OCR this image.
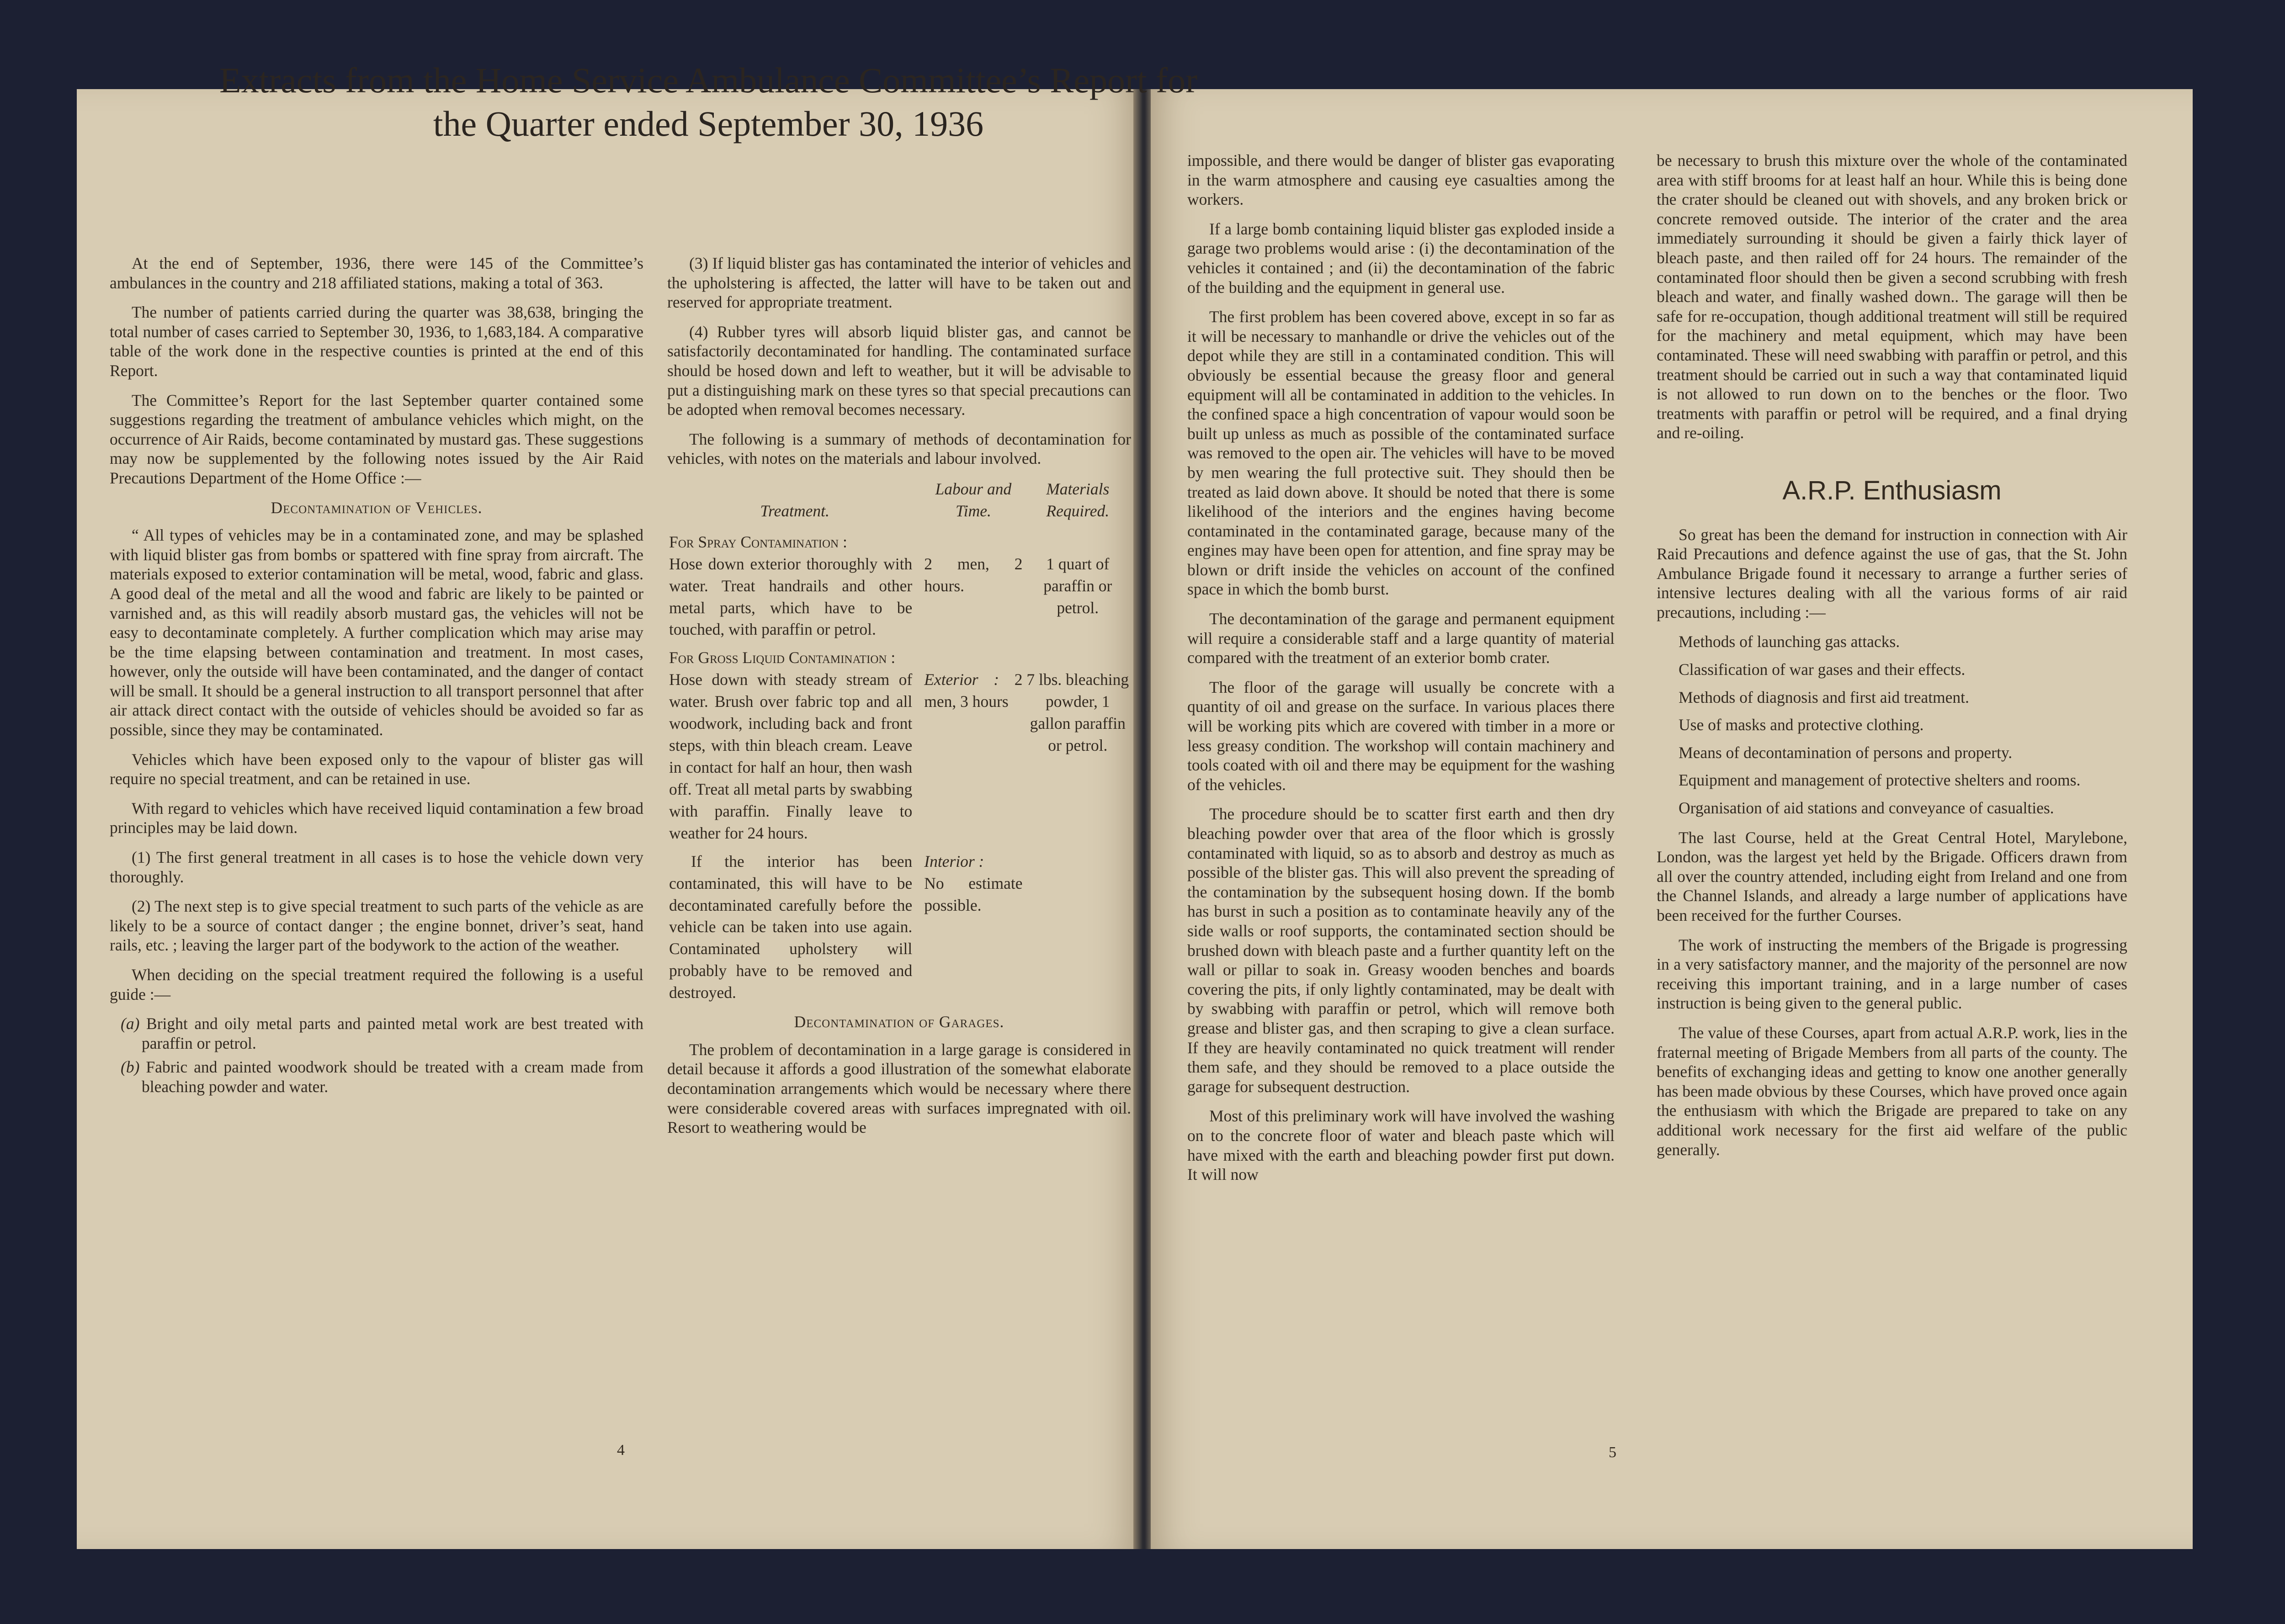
Extracts from the Home Service Ambulance Committee’s Report for
the Quarter ended September 30, 1936

At the end of September, 1936, there were 145 of the Committee’s ambulances in the country and 218 affiliated stations, making a total of 363.

The number of patients carried during the quarter was 38,638, bringing the total number of cases carried to September 30, 1936, to 1,683,184. A comparative table of the work done in the respective counties is printed at the end of this Report.

The Committee’s Report for the last September quarter contained some suggestions regarding the treatment of ambulance vehicles which might, on the occurrence of Air Raids, become contaminated by mustard gas. These suggestions may now be supplemented by the following notes issued by the Air Raid Precautions Department of the Home Office :—

Decontamination of Vehicles.

“ All types of vehicles may be in a contaminated zone, and may be splashed with liquid blister gas from bombs or spattered with fine spray from aircraft. The materials exposed to exterior contamination will be metal, wood, fabric and glass. A good deal of the metal and all the wood and fabric are likely to be painted or varnished and, as this will readily absorb mustard gas, the vehicles will not be easy to decontaminate completely. A further complication which may arise may be the time elapsing between contamination and treatment. In most cases, however, only the outside will have been contaminated, and the danger of contact will be small. It should be a general instruction to all transport personnel that after air attack direct contact with the outside of vehicles should be avoided so far as possible, since they may be contaminated.

Vehicles which have been exposed only to the vapour of blister gas will require no special treatment, and can be retained in use.

With regard to vehicles which have received liquid contamination a few broad principles may be laid down.

(1) The first general treatment in all cases is to hose the vehicle down very thoroughly.

(2) The next step is to give special treatment to such parts of the vehicle as are likely to be a source of contact danger ; the engine bonnet, driver’s seat, hand rails, etc. ; leaving the larger part of the bodywork to the action of the weather.

When deciding on the special treatment required the following is a useful guide :—

(a) Bright and oily metal parts and painted metal work are best treated with paraffin or petrol.
(b) Fabric and painted woodwork should be treated with a cream made from bleaching powder and water.

(3) If liquid blister gas has contaminated the interior of vehicles and the upholstering is affected, the latter will have to be taken out and reserved for appropriate treatment.

(4) Rubber tyres will absorb liquid blister gas, and cannot be satisfactorily decontaminated for handling. The contaminated surface should be hosed down and left to weather, but it will be advisable to put a distinguishing mark on these tyres so that special precautions can be adopted when removal becomes necessary.

The following is a summary of methods of decontamination for vehicles, with notes on the materials and labour involved.

Treatment.	Labour and Time.	Materials Required.
For Spray Contamination :		
Hose down exterior thoroughly with water. Treat handrails and other metal parts, which have to be touched, with paraffin or petrol.	2 men, 2 hours.	1 quart of paraffin or petrol.
For Gross Liquid Contamination :		
Hose down with steady stream of water. Brush over fabric top and all woodwork, including back and front steps, with thin bleach cream. Leave in contact for half an hour, then wash off. Treat all metal parts by swabbing with paraffin. Finally leave to weather for 24 hours.	Exterior : 2 men, 3 hours	7 lbs. bleaching powder, 1 gallon paraffin or petrol.
If the interior has been contaminated, this will have to be decontaminated carefully before the vehicle can be taken into use again. Contaminated upholstery will probably have to be removed and destroyed.	Interior :
No estimate possible.	

Decontamination of Garages.

The problem of decontamination in a large garage is considered in detail because it affords a good illustration of the somewhat elaborate decontamination arrangements which would be necessary where there were considerable covered areas with surfaces impregnated with oil. Resort to weathering would be

4

impossible, and there would be danger of blister gas evaporating in the warm atmosphere and causing eye casualties among the workers.

If a large bomb containing liquid blister gas exploded inside a garage two problems would arise : (i) the decontamination of the vehicles it contained ; and (ii) the decontamination of the fabric of the building and the equipment in general use.

The first problem has been covered above, except in so far as it will be necessary to manhandle or drive the vehicles out of the depot while they are still in a contaminated condition. This will obviously be essential because the greasy floor and general equipment will all be contaminated in addition to the vehicles. In the confined space a high concentration of vapour would soon be built up unless as much as possible of the contaminated surface was removed to the open air. The vehicles will have to be moved by men wearing the full protective suit. They should then be treated as laid down above. It should be noted that there is some likelihood of the interiors and the engines having become contaminated in the contaminated garage, because many of the engines may have been open for attention, and fine spray may be blown or drift inside the vehicles on account of the confined space in which the bomb burst.

The decontamination of the garage and permanent equipment will require a considerable staff and a large quantity of material compared with the treatment of an exterior bomb crater.

The floor of the garage will usually be concrete with a quantity of oil and grease on the surface. In various places there will be working pits which are covered with timber in a more or less greasy condition. The workshop will contain machinery and tools coated with oil and there may be equipment for the washing of the vehicles.

The procedure should be to scatter first earth and then dry bleaching powder over that area of the floor which is grossly contaminated with liquid, so as to absorb and destroy as much as possible of the blister gas. This will also prevent the spreading of the contamination by the subsequent hosing down. If the bomb has burst in such a position as to contaminate heavily any of the side walls or roof supports, the contaminated section should be brushed down with bleach paste and a further quantity left on the wall or pillar to soak in. Greasy wooden benches and boards covering the pits, if only lightly contaminated, may be dealt with by swabbing with paraffin or petrol, which will remove both grease and blister gas, and then scraping to give a clean surface. If they are heavily contaminated no quick treatment will render them safe, and they should be removed to a place outside the garage for subsequent destruction.

Most of this preliminary work will have involved the washing on to the concrete floor of water and bleach paste which will have mixed with the earth and bleaching powder first put down. It will now

be necessary to brush this mixture over the whole of the contaminated area with stiff brooms for at least half an hour. While this is being done the crater should be cleaned out with shovels, and any broken brick or concrete removed outside. The interior of the crater and the area immediately surrounding it should be given a fairly thick layer of bleach paste, and then railed off for 24 hours. The remainder of the contaminated floor should then be given a second scrubbing with fresh bleach and water, and finally washed down.. The garage will then be safe for re-occupation, though additional treatment will still be required for the machinery and metal equipment, which may have been contaminated. These will need swabbing with paraffin or petrol, and this treatment should be carried out in such a way that contaminated liquid is not allowed to run down on to the benches or the floor. Two treatments with paraffin or petrol will be required, and a final drying and re-oiling.

A.R.P. Enthusiasm

So great has been the demand for instruction in connection with Air Raid Precautions and defence against the use of gas, that the St. John Ambulance Brigade found it necessary to arrange a further series of intensive lectures dealing with all the various forms of air raid precautions, including :—

Methods of launching gas attacks.
Classification of war gases and their effects.
Methods of diagnosis and first aid treatment.
Use of masks and protective clothing.
Means of decontamination of persons and property.
Equipment and management of protective shelters and rooms.
Organisation of aid stations and conveyance of casualties.

The last Course, held at the Great Central Hotel, Marylebone, London, was the largest yet held by the Brigade. Officers drawn from all over the country attended, including eight from Ireland and one from the Channel Islands, and already a large number of applications have been received for the further Courses.

The work of instructing the members of the Brigade is progressing in a very satisfactory manner, and the majority of the personnel are now receiving this important training, and in a large number of cases instruction is being given to the general public.

The value of these Courses, apart from actual A.R.P. work, lies in the fraternal meeting of Brigade Members from all parts of the county. The benefits of exchanging ideas and getting to know one another generally has been made obvious by these Courses, which have proved once again the enthusiasm with which the Brigade are prepared to take on any additional work necessary for the first aid welfare of the public generally.

5
